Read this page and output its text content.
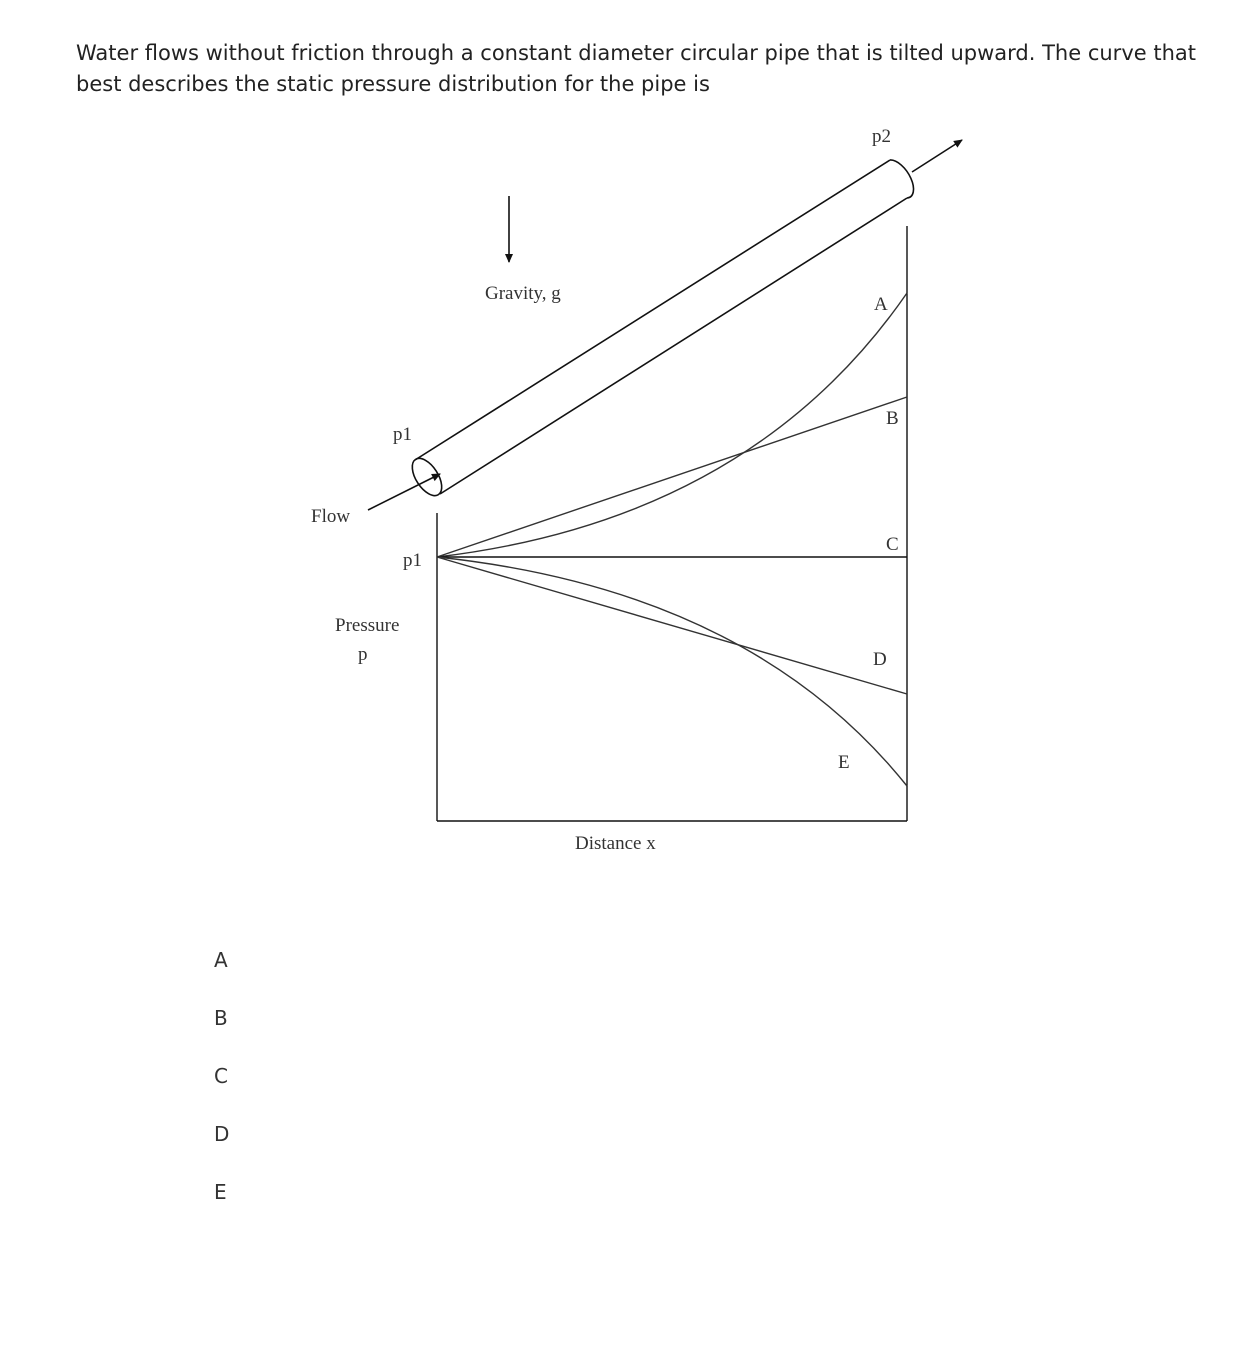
Water flows without friction through a constant diameter circular pipe that is tilted upward. The curve that best describes the static pressure distribution for the pipe is
p2
p1
Flow
Gravity, g
p1
Pressure
p
Distance x
A
B
C
D
E
A
B
C
D
E
